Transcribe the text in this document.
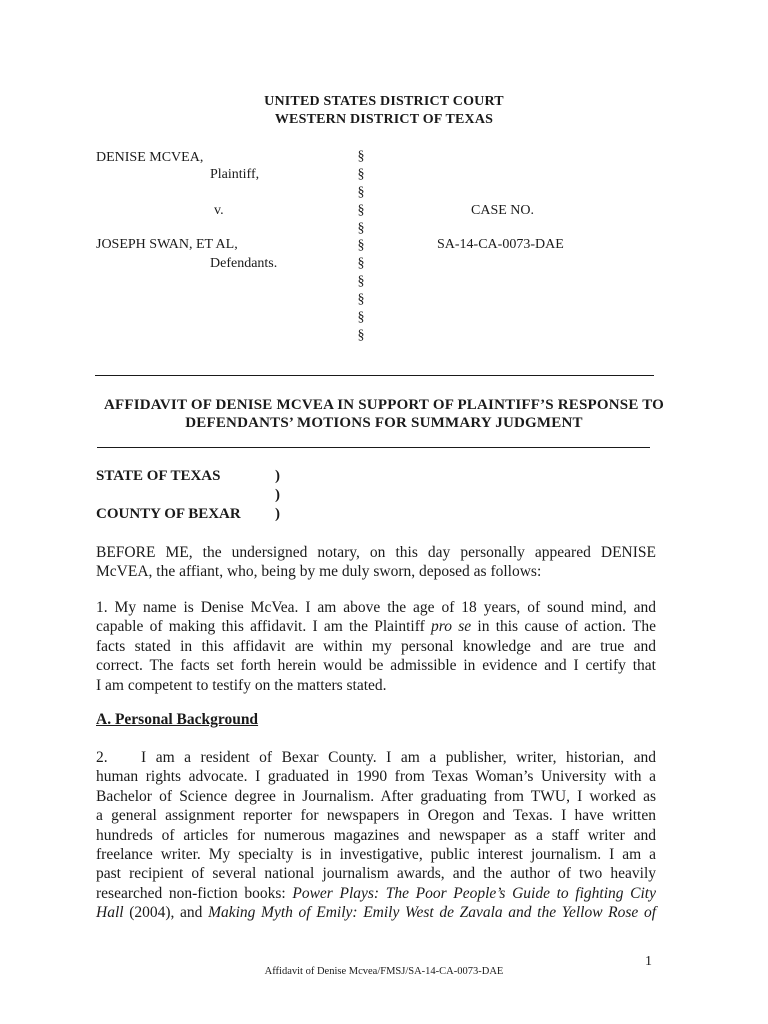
UNITED STATES DISTRICT COURT
WESTERN DISTRICT OF TEXAS
DENISE MCVEA,
Plaintiff,
v.
JOSEPH SWAN, ET AL,
Defendants.
CASE NO.
SA-14-CA-0073-DAE
§
§
§
§
§
§
§
§
§
§
§
AFFIDAVIT OF DENISE MCVEA IN SUPPORT OF PLAINTIFF’S RESPONSE TO
DEFENDANTS’ MOTIONS FOR SUMMARY JUDGMENT
STATE OF TEXAS	)
)
COUNTY OF BEXAR )
BEFORE ME, the undersigned notary, on this day personally appeared DENISE
McVEA, the affiant, who, being by me duly sworn, deposed as follows:
1. My name is Denise McVea. I am above the age of 18 years, of sound mind, and
capable of making this affidavit. I am the Plaintiff pro se in this cause of action. The
facts stated in this affidavit are within my personal knowledge and are true and
correct. The facts set forth herein would be admissible in evidence and I certify that
I am competent to testify on the matters stated.
A. Personal Background
2. I am a resident of Bexar County. I am a publisher, writer, historian, and
human rights advocate. I graduated in 1990 from Texas Woman’s University with a
Bachelor of Science degree in Journalism. After graduating from TWU, I worked as
a general assignment reporter for newspapers in Oregon and Texas. I have written
hundreds of articles for numerous magazines and newspaper as a staff writer and
freelance writer. My specialty is in investigative, public interest journalism. I am a
past recipient of several national journalism awards, and the author of two heavily
researched non-fiction books: Power Plays: The Poor People’s Guide to fighting City
Hall (2004), and Making Myth of Emily: Emily West de Zavala and the Yellow Rose of
1
Affidavit of Denise Mcvea/FMSJ/SA-14-CA-0073-DAE
